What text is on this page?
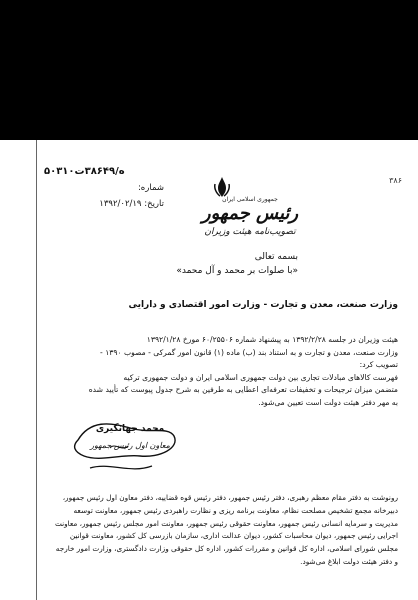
۵۰۳۱۰ه/۳۸۶۴۹ت
شماره:
تاریخ: ۱۳۹۲/۰۲/۱۹
۳۸۶
جمهوری اسلامی ایران
رئیس جمهور
تصویب‌نامه هیئت وزیران
بسمه تعالی
«با صلوات بر محمد و آل محمد»
وزارت صنعت، معدن و تجارت - وزارت امور اقتصادی و دارایی
هیئت وزیران در جلسه ۱۳۹۲/۲/۲۸ به پیشنهاد شماره ۶۰/۲۵۵۰۶ مورخ ۱۳۹۲/۱/۲۸
وزارت صنعت، معدن و تجارت و به استناد بند (ب) ماده (۱) قانون امور گمرکی - مصوب ۱۳۹۰ -
تصویب کرد:
فهرست کالاهای مبادلات تجاری بین دولت جمهوری اسلامی ایران و دولت جمهوری ترکیه
متضمن میزان ترجیحات و تخفیفات تعرفه‌ای اعطایی به طرفین به شرح جدول پیوست که تأیید شده
به مهر دفتر هیئت دولت است تعیین می‌شود.
محمد جهانگیری
معاون اول رئیس جمهور
رونوشت به دفتر مقام معظم رهبری، دفتر رئیس جمهور، دفتر رئیس قوه قضاییه، دفتر معاون اول رئیس جمهور، دبیرخانه مجمع تشخیص مصلحت نظام، معاونت برنامه ریزی و نظارت راهبردی رئیس جمهور، معاونت توسعه مدیریت و سرمایه انسانی رئیس جمهور، معاونت حقوقی رئیس جمهور، معاونت امور مجلس رئیس جمهور، معاونت اجرایی رئیس جمهور، دیوان محاسبات کشور، دیوان عدالت اداری، سازمان بازرسی کل کشور، معاونت قوانین مجلس شورای اسلامی، اداره کل قوانین و مقررات کشور، اداره کل حقوقی وزارت دادگستری، وزارت امور خارجه و دفتر هیئت دولت ابلاغ می‌شود.
